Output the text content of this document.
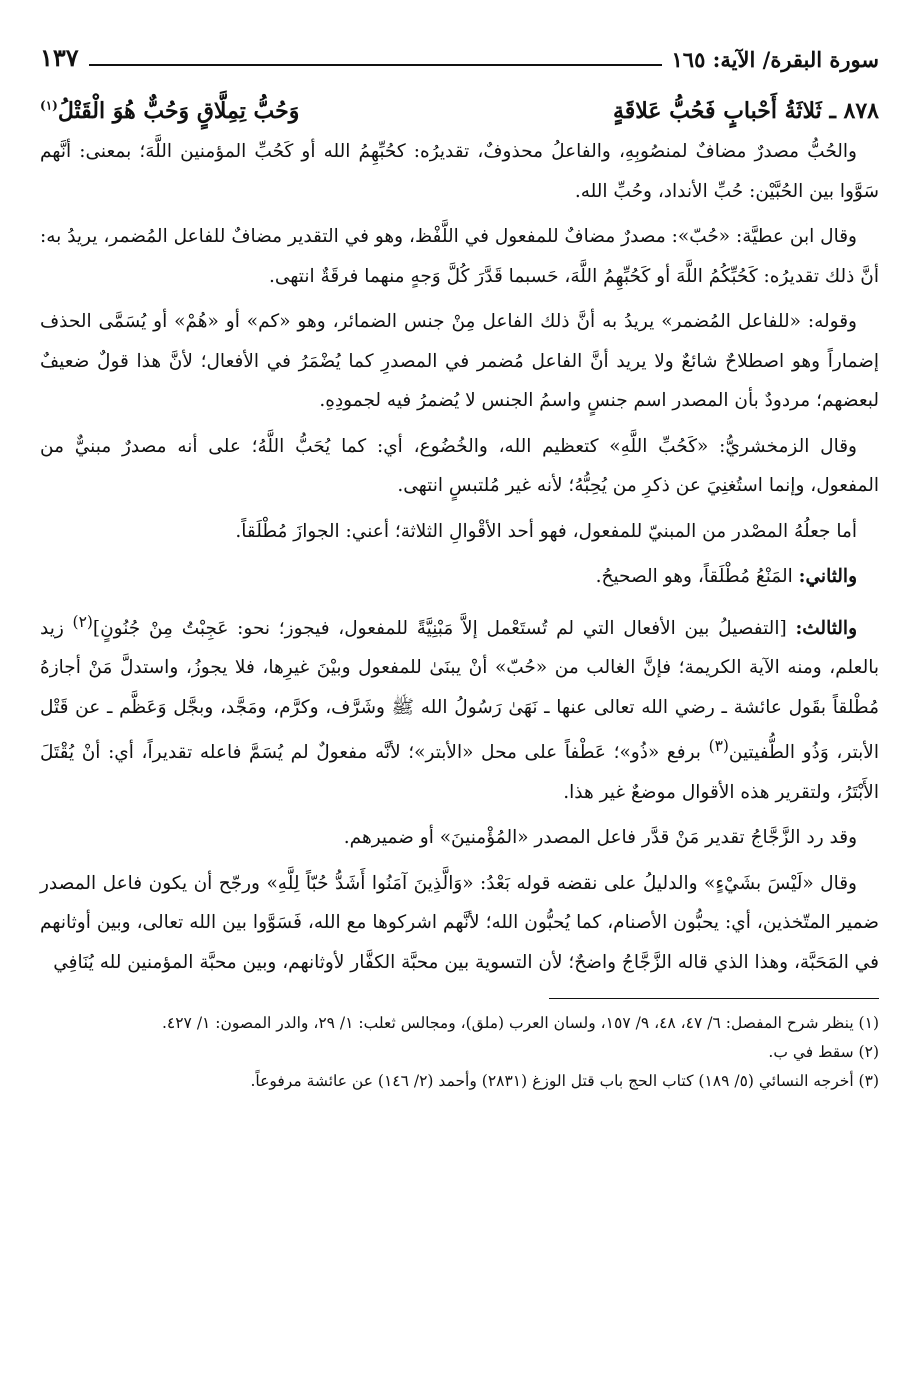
سورة البقرة/ الآية: ١٦٥
١٣٧
٨٧٨ ـ ثَلاثَةُ أَحْبابٍ فَحُبُّ عَلاقَةٍ
وَحُبُّ تِمِلَّاقٍ وَحُبٌّ هُوَ الْقَتْلُ$^{(١)}$

والحُبُّ مصدرٌ مضافٌ لمنصُوبِهِ، والفاعلُ محذوفٌ، تقديرُه: كحُبِّهِمُ الله أو كَحُبِّ المؤمنين اللَّهَ؛ بمعنى: أنَّهم سَوَّوا بين الحُبَّيْن: حُبِّ الأنداد، وحُبِّ الله.

وقال ابن عطيَّة: «حُبّ»: مصدرٌ مضافٌ للمفعول في اللَّفْظ، وهو في التقدير مضافٌ للفاعل المُضمر، يريدُ به: أنَّ ذلك تقديرُه: كَحُبِّكُمُ اللَّهَ أو كَحُبِّهِمُ اللَّهَ، حَسبما قَدَّرَ كُلَّ وَجهٍ منهما فرقَةٌ انتهى.

وقوله: «للفاعل المُضمر» يريدُ به أنَّ ذلك الفاعل مِنْ جنس الضمائر، وهو «كم» أو «هُمْ» أو يُسَمَّى الحذف إضماراً وهو اصطلاحٌ شائعٌ ولا يريد أنَّ الفاعل مُضمر في المصدرِ كما يُضْمَرُ في الأفعال؛ لأنَّ هذا قولٌ ضعيفٌ لبعضهم؛ مردودٌ بأن المصدر اسم جنسٍ واسمُ الجنس لا يُضمرُ فيه لجمودِهِ.

وقال الزمخشريُّ: «كَحُبِّ اللَّهِ» كتعظيم الله، والخُضُوع، أي: كما يُحَبُّ اللَّهُ؛ على أنه مصدرٌ مبنيٌّ من المفعول، وإنما استُغنِيَ عن ذكرِ من يُحِبُّهُ؛ لأنه غير مُلتبسٍ انتهى.

أما جعلُهُ المصْدر من المبنيّ للمفعول، فهو أحد الأقْوالِ الثلاثة؛ أعني: الجوازَ مُطْلَقاً.

والثاني: المَنْعُ مُطْلَقاً، وهو الصحيحُ.

والثالث: [التفصيلُ بين الأفعال التي لم تُستَعْمل إلاَّ مَبْنِيَّةً للمفعول، فيجوز؛ نحو: عَجِبْتُ مِنْ جُنُونٍ]$^{(٢)}$ زيد بالعلم، ومنه الآية الكريمة؛ فإنَّ الغالب من «حُبّ» أنْ يبنَىٰ للمفعول وبيْنَ غيرِها، فلا يجوزُ، واستدلَّ مَنْ أجازهُ مُطْلقاً بقَول عائشة ـ رضي الله تعالى عنها ـ نَهَىٰ رَسُولُ الله ﷺ وشَرَّف، وكرَّم، ومَجَّد، وبجَّل وَعَظَّم ـ عن قَتْل الأبتر، وَذُو الطُّفيتين$^{(٣)}$ برفع «ذُو»؛ عَطْفاً على محل «الأبتر»؛ لأنَّه مفعولٌ لم يُسَمَّ فاعله تقديراً، أي: أنْ يُقْتَلَ الأَبْتَرُ، ولتقرير هذه الأقوال موضعٌ غير هذا.

وقد رد الزَّجَّاجُ تقدير مَنْ قدَّر فاعل المصدر «المُؤْمنينَ» أو ضميرهم.

وقال «لَيْسَ بشَيْءٍ» والدليلُ على نقضه قوله بَعْدُ: «وَالَّذِينَ آمَنُوا أَشَدُّ حُبّاً لِلَّهِ» ورجّح أن يكون فاعل المصدر ضمير المتّخذين، أي: يحبُّون الأصنام، كما يُحبُّون الله؛ لأنَّهم اشركوها مع الله، فَسَوَّوا بين الله تعالى، وبين أوثانهم في المَحَبَّة، وهذا الذي قاله الزَّجَّاجُ واضحٌ؛ لأن التسوية بين محبَّة الكفَّار لأوثانهم، وبين محبَّة المؤمنين لله يُنَافِي

(١) ينظر شرح المفصل: ٦/ ٤٧، ٤٨، ٩/ ١٥٧، ولسان العرب (ملق)، ومجالس ثعلب: ١/ ٢٩، والدر المصون: ١/ ٤٢٧.
(٢) سقط في ب.
(٣) أخرجه النسائي (٥/ ١٨٩) كتاب الحج باب قتل الوزغ (٢٨٣١) وأحمد (٢/ ١٤٦) عن عائشة مرفوعاً.
